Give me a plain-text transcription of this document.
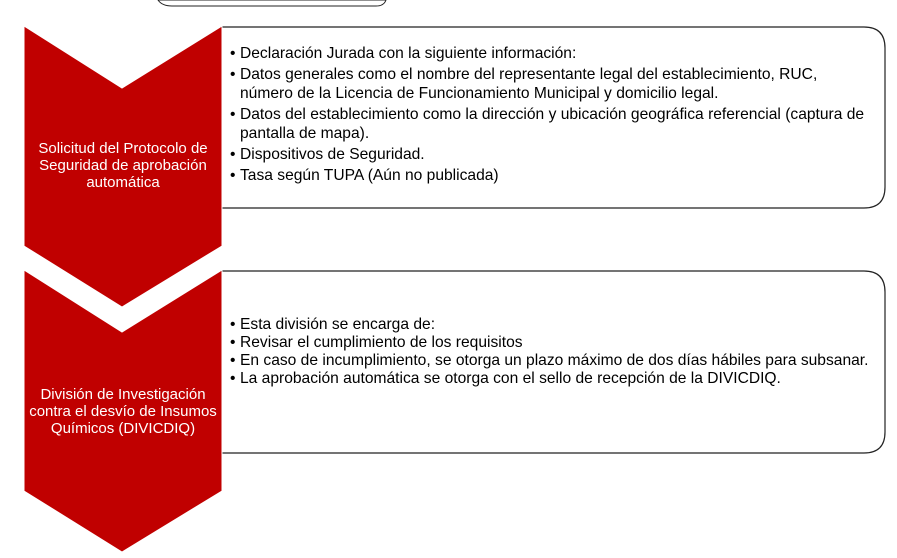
Solicitud del Protocolo de Seguridad de aprobación automática
• Declaración Jurada con la siguiente información:
• Datos generales como el nombre del representante legal del establecimiento, RUC, número de la Licencia de Funcionamiento Municipal y domicilio legal.
• Datos del establecimiento como la dirección y ubicación geográfica referencial (captura de pantalla de mapa).
• Dispositivos de Seguridad.
• Tasa según TUPA (Aún no publicada)
División de Investigación contra el desvío de Insumos Químicos (DIVICDIQ)
• Esta división se encarga de:
• Revisar el cumplimiento de los requisitos
• En caso de incumplimiento, se otorga un plazo máximo de dos días hábiles para subsanar.
• La aprobación automática se otorga con el sello de recepción de la DIVICDIQ.
